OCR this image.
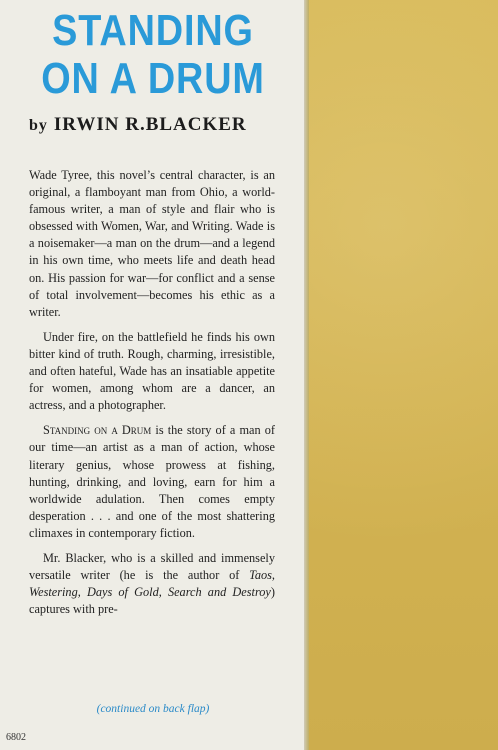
STANDING
ON A DRUM

by IRWIN R.BLACKER

Wade Tyree, this novel’s central character, is an original, a flamboyant man from Ohio, a world-famous writer, a man of style and flair who is obsessed with Women, War, and Writing. Wade is a noisemaker—a man on the drum—and a legend in his own time, who meets life and death head on. His passion for war—for conflict and a sense of total involvement—becomes his ethic as a writer.

Under fire, on the battlefield he finds his own bitter kind of truth. Rough, charming, irresistible, and often hateful, Wade has an insatiable appetite for women, among whom are a dancer, an actress, and a photographer.

Standing on a Drum is the story of a man of our time—an artist as a man of action, whose literary genius, whose prowess at fishing, hunting, drinking, and loving, earn for him a worldwide adulation. Then comes empty desperation . . . and one of the most shattering climaxes in contemporary fiction.

Mr. Blacker, who is a skilled and immensely versatile writer (he is the author of Taos, Westering, Days of Gold, Search and Destroy) captures with pre-

(continued on back flap)

6802
